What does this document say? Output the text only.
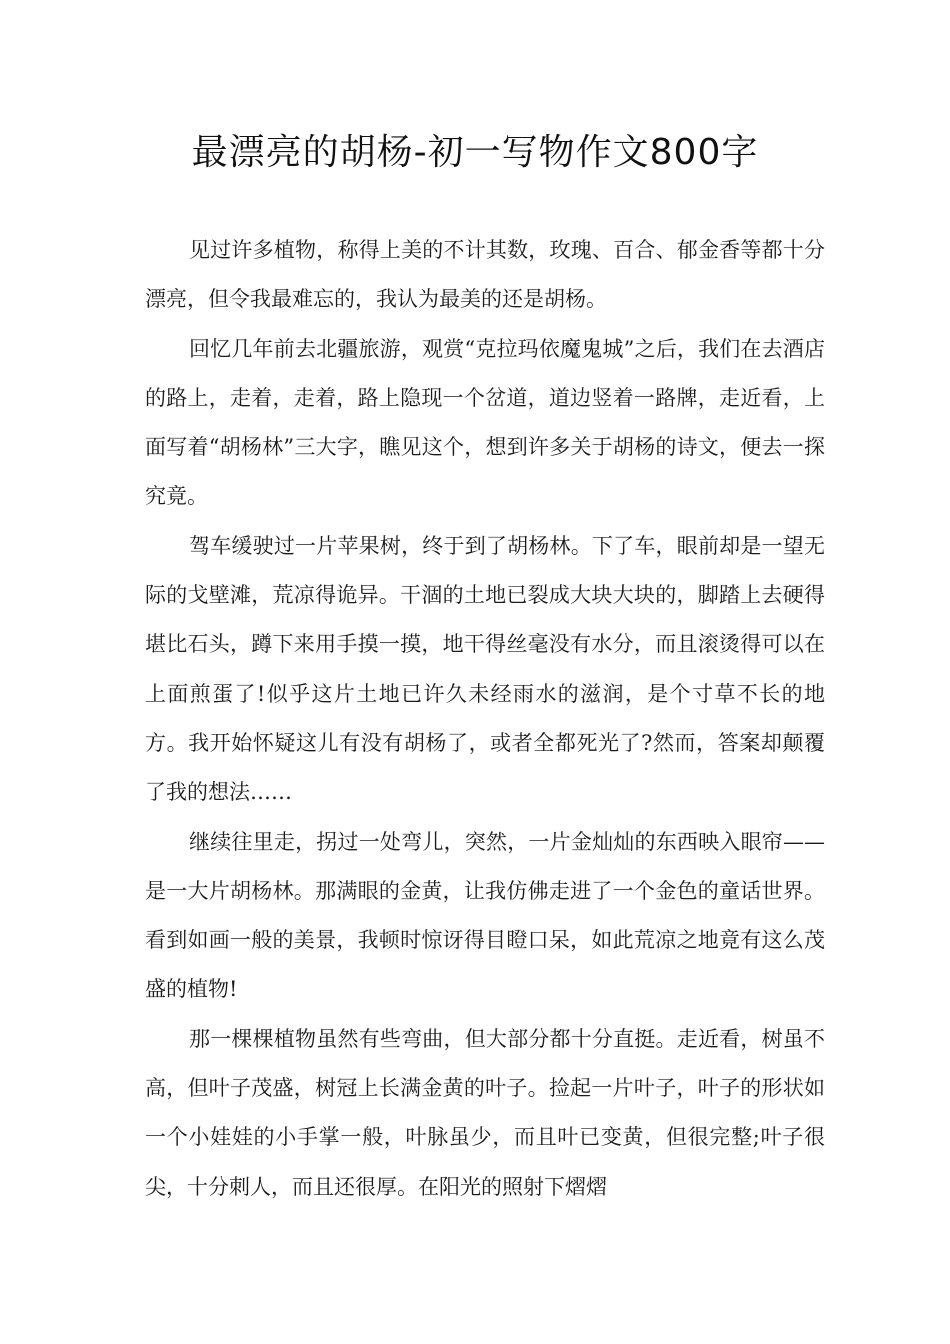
最漂亮的胡杨-初一写物作文800字

见过许多植物，称得上美的不计其数，玫瑰、百合、郁金香等都十分漂亮，但令我最难忘的，我认为最美的还是胡杨。

回忆几年前去北疆旅游，观赏“克拉玛依魔鬼城”之后，我们在去酒店的路上，走着，走着，路上隐现一个岔道，道边竖着一路牌，走近看，上面写着“胡杨林”三大字，瞧见这个，想到许多关于胡杨的诗文，便去一探究竟。

驾车缓驶过一片苹果树，终于到了胡杨林。下了车，眼前却是一望无际的戈壁滩，荒凉得诡异。干涸的土地已裂成大块大块的，脚踏上去硬得堪比石头，蹲下来用手摸一摸，地干得丝毫没有水分，而且滚烫得可以在上面煎蛋了!似乎这片土地已许久未经雨水的滋润，是个寸草不长的地方。我开始怀疑这儿有没有胡杨了，或者全都死光了?然而，答案却颠覆了我的想法……

继续往里走，拐过一处弯儿，突然，一片金灿灿的东西映入眼帘——是一大片胡杨林。那满眼的金黄，让我仿佛走进了一个金色的童话世界。看到如画一般的美景，我顿时惊讶得目瞪口呆，如此荒凉之地竟有这么茂盛的植物!

那一棵棵植物虽然有些弯曲，但大部分都十分直挺。走近看，树虽不高，但叶子茂盛，树冠上长满金黄的叶子。捡起一片叶子，叶子的形状如一个小娃娃的小手掌一般，叶脉虽少，而且叶已变黄，但很完整;叶子很尖，十分刺人，而且还很厚。在阳光的照射下熠熠
